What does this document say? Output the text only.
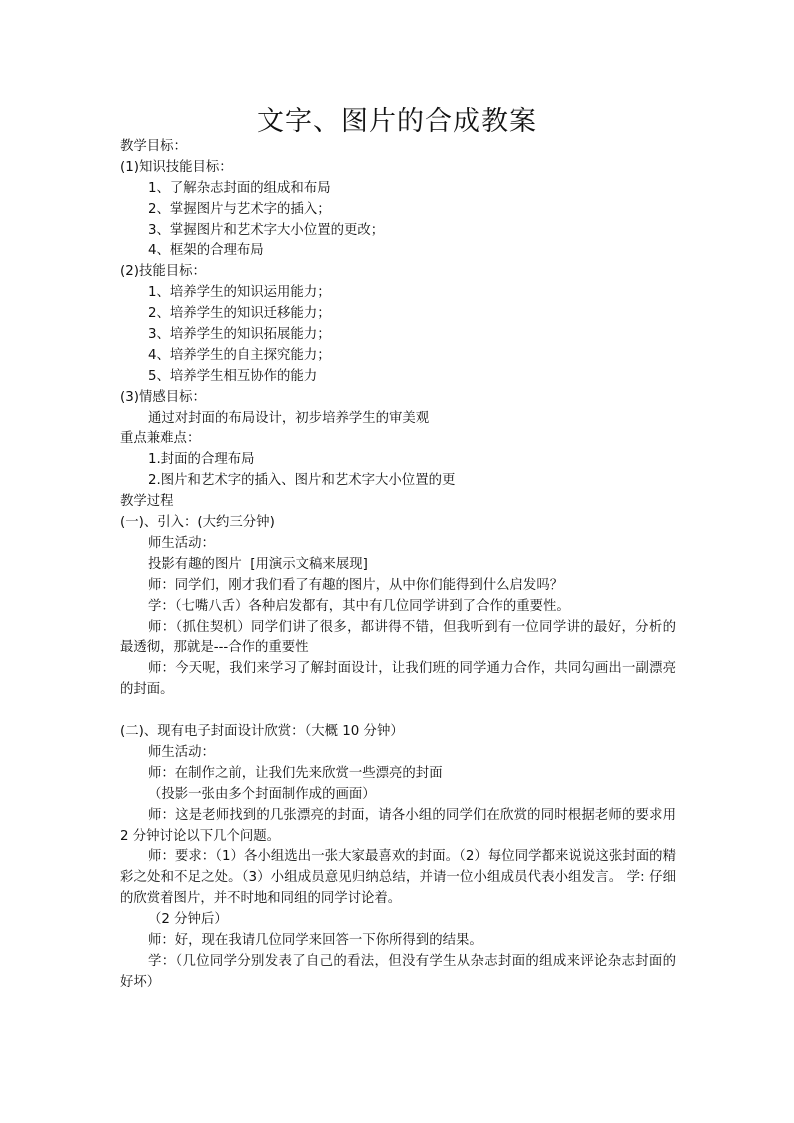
文字、图片的合成教案
教学目标：
(1)知识技能目标：
1、了解杂志封面的组成和布局
2、掌握图片与艺术字的插入；
3、掌握图片和艺术字大小位置的更改；
4、框架的合理布局
(2)技能目标：
1、培养学生的知识运用能力；
2、培养学生的知识迁移能力；
3、培养学生的知识拓展能力；
4、培养学生的自主探究能力；
5、培养学生相互协作的能力
(3)情感目标：
通过对封面的布局设计，初步培养学生的审美观
重点兼难点：
1.封面的合理布局
2.图片和艺术字的插入、图片和艺术字大小位置的更
教学过程
(一)、引入：(大约三分钟)
师生活动：
投影有趣的图片  [用演示文稿来展现]
师：同学们，刚才我们看了有趣的图片，从中你们能得到什么启发吗？
学：（七嘴八舌）各种启发都有，其中有几位同学讲到了合作的重要性。
师：（抓住契机）同学们讲了很多，都讲得不错，但我听到有一位同学讲的最好，分析的最透彻，那就是---合作的重要性
师：今天呢，我们来学习了解封面设计，让我们班的同学通力合作，共同勾画出一副漂亮的封面。
(二)、现有电子封面设计欣赏：（大概 10 分钟）
师生活动：
师：在制作之前，让我们先来欣赏一些漂亮的封面
（投影一张由多个封面制作成的画面）
师：这是老师找到的几张漂亮的封面，请各小组的同学们在欣赏的同时根据老师的要求用 2 分钟讨论以下几个问题。
师：要求：（1）各小组选出一张大家最喜欢的封面。（2）每位同学都来说说这张封面的精彩之处和不足之处。（3）小组成员意见归纳总结，并请一位小组成员代表小组发言。 学: 仔细的欣赏着图片，并不时地和同组的同学讨论着。
（2 分钟后）
师：好，现在我请几位同学来回答一下你所得到的结果。
学：（几位同学分别发表了自己的看法，但没有学生从杂志封面的组成来评论杂志封面的好坏）
